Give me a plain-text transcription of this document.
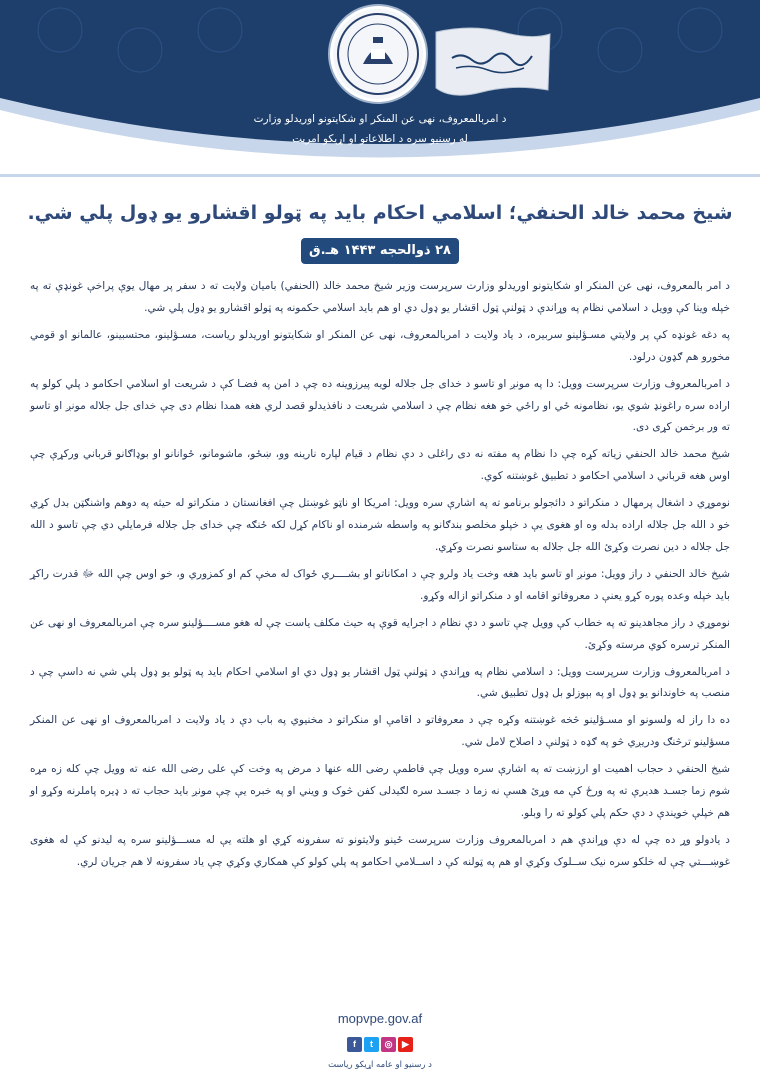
د امربالمعروف، نهی عن المنکر او شکایتونو اوریدلو وزارت
له رسنیو سره د اطلاعاتو او اړیکو امریت
شیخ محمد خالد الحنفي؛ اسلامي احکام باید په ټولو اقشارو یو ډول پلي شي.
۲۸ ذوالحجه ۱۴۴۳ هـ.ق

د امر بالمعروف، نهی عن المنکر او شکایتونو اوریدلو وزارت سرپرست وزیر شیخ محمد خالد (الحنفي) بامیان ولایت ته د سفر پر مهال یوې پراخې غونډې ته په خپله وینا کې وویل د اسلامي نظام په وړاندې د ټولنې ټول اقشار یو ډول دي او هم باید اسلامي حکمونه په ټولو اقشارو یو ډول پلي شي.

په دغه غونډه کې پر ولایتي مسـؤلینو سربیره، د یاد ولایت د امربالمعروف، نهی عن المنکر او شکایتونو اوریدلو ریاست، مسـؤلینو، محتسبینو، عالمانو او قومي مخورو هم ګډون درلود.

د امربالمعروف وزارت سرپرست وویل: دا په مونږ او تاسو د خدای جل جلاله لویه پیرزوینه ده چې د امن په فضـا کې د شریعت او اسلامي احکامو د پلي کولو په اراده سره راغونډ شوي یو، نظامونه ځي او راځي خو هغه نظام چې د اسلامي شریعت د نافذیدلو قصد لري هغه همدا نظام دی چې خدای جل جلاله مونږ او تاسو ته ور برخمن کړی دی.

شیخ محمد خالد الحنفي زیاته کړه چې دا نظام په مفته نه دی راغلی د دې نظام د قیام لپاره نارینه وو، ښځو، ماشومانو، ځوانانو او بوډاګانو قرباني ورکړې چې اوس هغه قرباني د اسلامي احکامو د تطبیق غوښتنه کوي.

نوموړي د اشغال پرمهال د منکراتو د دائجولو برنامو ته په اشارې سره وویل: امریکا او ناټو غوښتل چې افغانستان د منکراتو له حیثه په دوهم واشنګټن بدل کړي خو د الله جل جلاله اراده بدله وه او هغوی یې د خپلو مخلصو بندګانو په واسطه شرمنده او ناکام کړل لکه ځنګه چې خدای جل جلاله فرمایلي دي چې تاسو د الله جل جلاله د دین نصرت وکړئ الله جل جلاله به ستاسو نصرت وکړي.

شیخ خالد الحنفي د راز وویل: مونږ او تاسو باید هغه وخت یاد ولرو چې د امکاناتو او بشــــري ځواک له مخې کم او کمزوري و، خو اوس چې الله ﷻ قدرت راکړ باید خپله وعده پوره کړو یعنې د معروفاتو اقامه او د منکراتو ازاله وکړو.

نوموړي د راز مجاهدینو ته په خطاب کې وویل چې تاسو د دې نظام د اجرایه قوې په حیث مکلف یاست چې له هغو مســــؤلینو سره چې امربالمعروف او نهی عن المنکر ترسره کوي مرسته وکړئ.

د امربالمعروف وزارت سرپرست وویل: د اسلامي نظام په وړاندې د ټولنې ټول اقشار یو ډول دي او اسلامي احکام باید په ټولو یو ډول پلي شي نه داسې چې د منصب په خاوندانو یو ډول او په بېوزلو بل ډول تطبیق شي.

ده دا راز له ولسونو او مسـؤلینو څخه غوښتنه وکړه چې د معروفاتو د اقامې او منکراتو د مخنیوي په باب دې د یاد ولایت د امربالمعروف او نهی عن المنکر مسؤلینو ترڅنګ ودریږي څو په ګډه د ټولنې د اصلاح لامل شي.

شیخ الحنفي د حجاب اهمیت او ارزښت ته په اشارې سره وویل چې فاطمې رضی الله عنها د مرض په وخت کې علی رضی الله عنه ته وویل چې کله زه مړه شوم زما جسـد هدیرې ته په ورځ کې مه وړئ هسې نه زما د جسـد سره لګیدلی کفن څوک و ویني او په خبره یې چې مونږ باید حجاب ته د ډیره پاملرنه وکړو او هم خپلې خویندې د دې حکم پلي کولو ته را وبلو.

د یادولو وړ ده چې له دې وړاندې هم د امربالمعروف وزارت سرپرست ځینو ولایتونو ته سفرونه کړي او هلته یې له مســـؤلینو سره په لیدنو کې له هغوی غوښـــتي چې له خلکو سره نیک ســلوک وکړي او هم په ټولنه کې د اســلامي احکامو په پلي کولو کې همکاري وکړي چې یاد سفرونه لا هم جریان لري.

mopvpe.gov.af
f	t	◎	▶
د رسنیو او عامه اړیکو ریاست
